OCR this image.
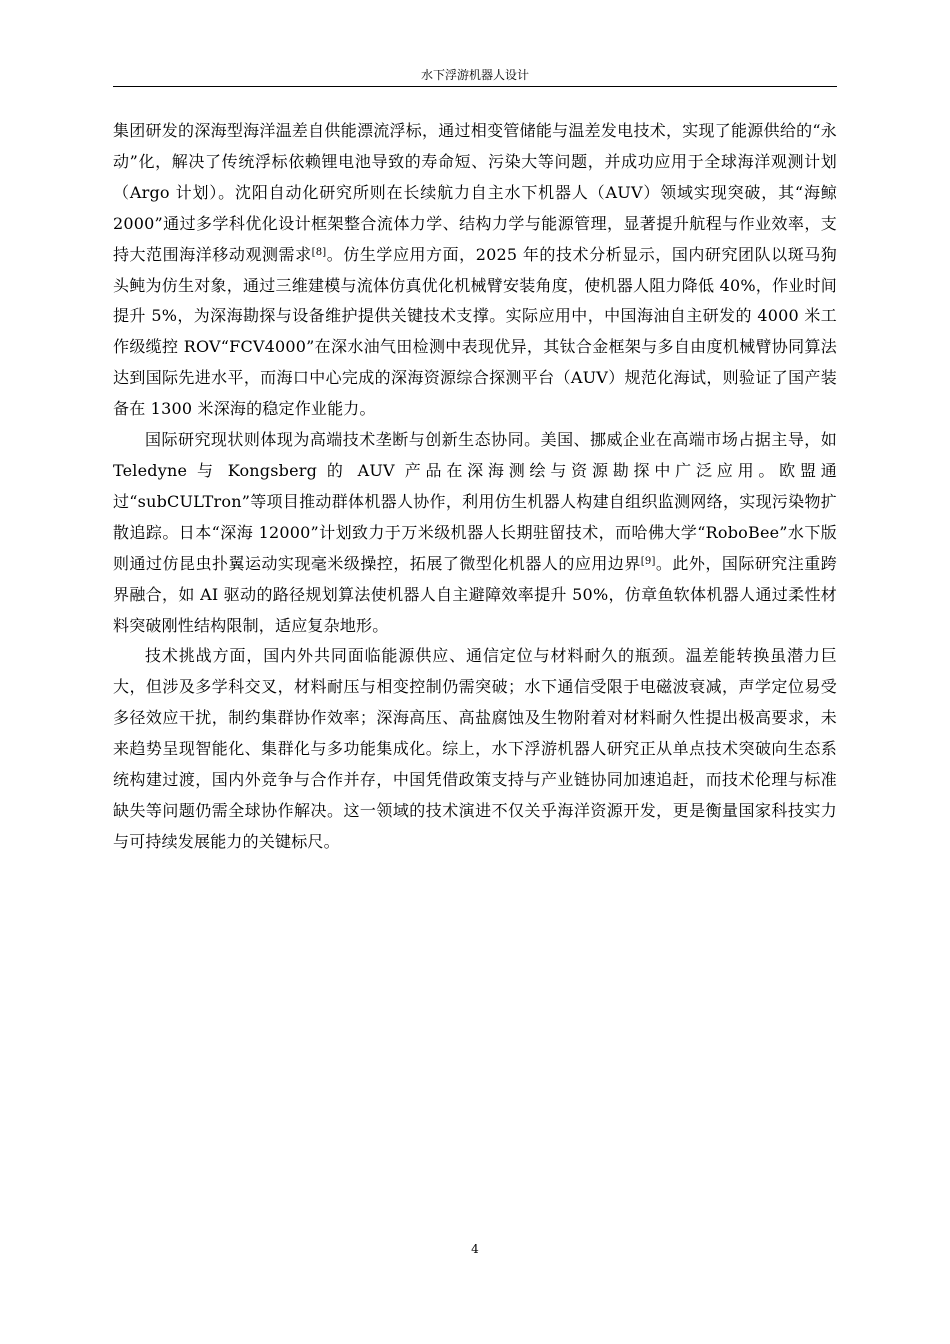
水下浮游机器人设计

集团研发的深海型海洋温差自供能漂流浮标，通过相变管储能与温差发电技术，实现了能源供给的“永动”化，解决了传统浮标依赖锂电池导致的寿命短、污染大等问题，并成功应用于全球海洋观测计划（Argo 计划）。沈阳自动化研究所则在长续航力自主水下机器人（AUV）领域实现突破，其“海鲸 2000”通过多学科优化设计框架整合流体力学、结构力学与能源管理，显著提升航程与作业效率，支持大范围海洋移动观测需求[8]。仿生学应用方面，2025 年的技术分析显示，国内研究团队以斑马狗头鲀为仿生对象，通过三维建模与流体仿真优化机械臂安装角度，使机器人阻力降低 40%，作业时间提升 5%，为深海勘探与设备维护提供关键技术支撑。实际应用中，中国海油自主研发的 4000 米工作级缆控 ROV“FCV4000”在深水油气田检测中表现优异，其钛合金框架与多自由度机械臂协同算法达到国际先进水平，而海口中心完成的深海资源综合探测平台（AUV）规范化海试，则验证了国产装备在 1300 米深海的稳定作业能力。

国际研究现状则体现为高端技术垄断与创新生态协同。美国、挪威企业在高端市场占据主导，如 Teledyne 与 Kongsberg 的 AUV 产品在深海测绘与资源勘探中广泛应用。欧盟通过“subCULTron”等项目推动群体机器人协作，利用仿生机器人构建自组织监测网络，实现污染物扩散追踪。日本“深海 12000”计划致力于万米级机器人长期驻留技术，而哈佛大学“RoboBee”水下版则通过仿昆虫扑翼运动实现毫米级操控，拓展了微型化机器人的应用边界[9]。此外，国际研究注重跨界融合，如 AI 驱动的路径规划算法使机器人自主避障效率提升 50%，仿章鱼软体机器人通过柔性材料突破刚性结构限制，适应复杂地形。

技术挑战方面，国内外共同面临能源供应、通信定位与材料耐久的瓶颈。温差能转换虽潜力巨大，但涉及多学科交叉，材料耐压与相变控制仍需突破；水下通信受限于电磁波衰减，声学定位易受多径效应干扰，制约集群协作效率；深海高压、高盐腐蚀及生物附着对材料耐久性提出极高要求，未来趋势呈现智能化、集群化与多功能集成化。综上，水下浮游机器人研究正从单点技术突破向生态系统构建过渡，国内外竞争与合作并存，中国凭借政策支持与产业链协同加速追赶，而技术伦理与标准缺失等问题仍需全球协作解决。这一领域的技术演进不仅关乎海洋资源开发，更是衡量国家科技实力与可持续发展能力的关键标尺。

4
